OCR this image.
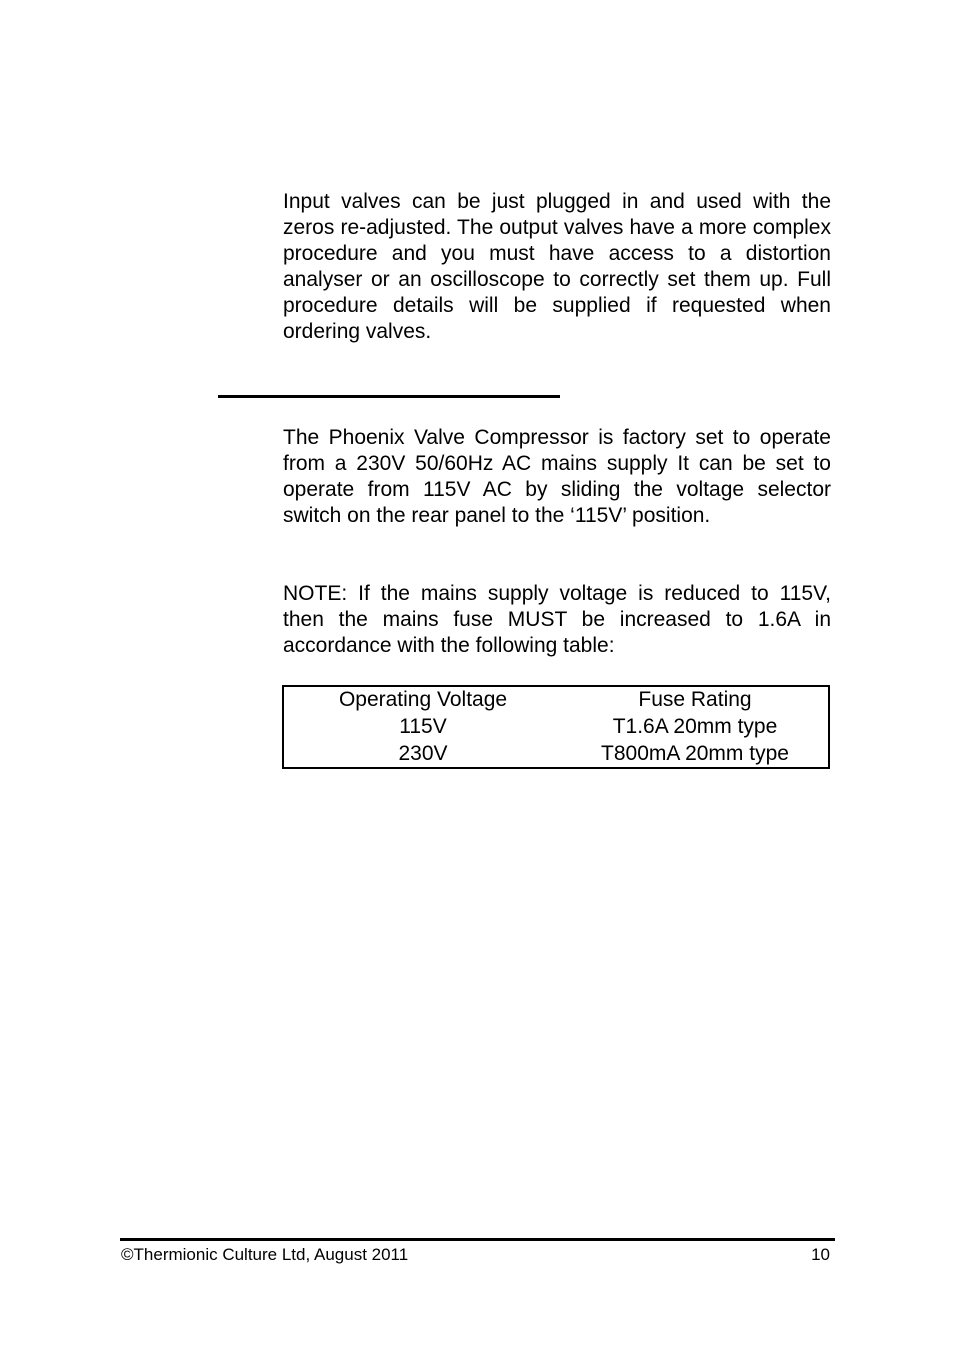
Input valves can be just plugged in and used with the zeros re-adjusted. The output valves have a more complex procedure and you must have access to a distortion analyser or an oscilloscope to correctly set them up. Full procedure details will be supplied if requested when ordering valves.

The Phoenix Valve Compressor is factory set to operate from a 230V 50/60Hz AC mains supply It can be set to operate from 115V AC by sliding the voltage selector switch on the rear panel to the ‘115V’ position.

NOTE: If the mains supply voltage is reduced to 115V, then the mains fuse MUST be increased to 1.6A in accordance with the following table:

Operating Voltage	Fuse Rating
115V	T1.6A 20mm type
230V	T800mA 20mm type
©Thermionic Culture Ltd, August 2011	10
